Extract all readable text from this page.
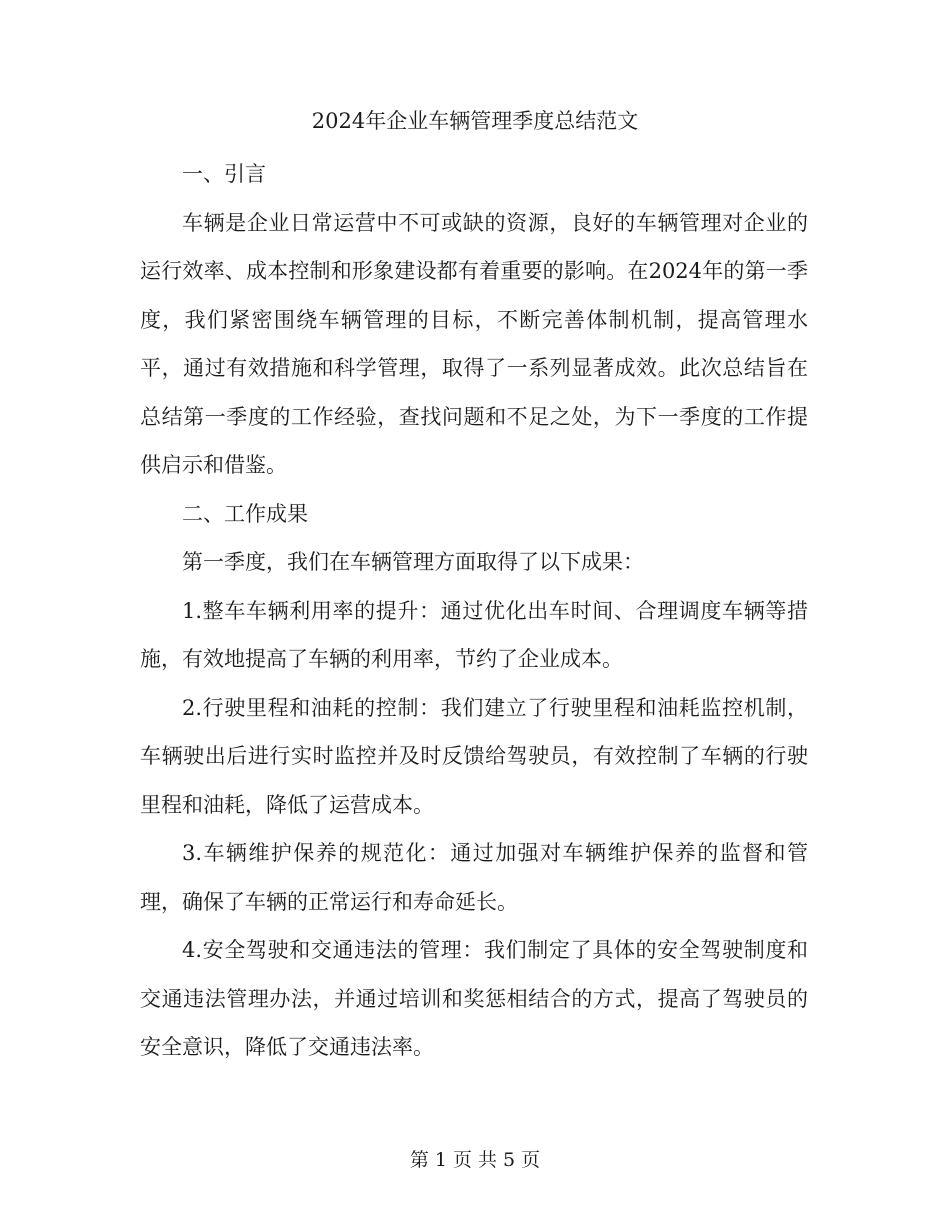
2024年企业车辆管理季度总结范文

一、引言

车辆是企业日常运营中不可或缺的资源，良好的车辆管理对企业的运行效率、成本控制和形象建设都有着重要的影响。在2024年的第一季度，我们紧密围绕车辆管理的目标，不断完善体制机制，提高管理水平，通过有效措施和科学管理，取得了一系列显著成效。此次总结旨在总结第一季度的工作经验，查找问题和不足之处，为下一季度的工作提供启示和借鉴。

二、工作成果

第一季度，我们在车辆管理方面取得了以下成果：

1.整车车辆利用率的提升：通过优化出车时间、合理调度车辆等措施，有效地提高了车辆的利用率，节约了企业成本。

2.行驶里程和油耗的控制：我们建立了行驶里程和油耗监控机制，车辆驶出后进行实时监控并及时反馈给驾驶员，有效控制了车辆的行驶里程和油耗，降低了运营成本。

3.车辆维护保养的规范化：通过加强对车辆维护保养的监督和管理，确保了车辆的正常运行和寿命延长。

4.安全驾驶和交通违法的管理：我们制定了具体的安全驾驶制度和交通违法管理办法，并通过培训和奖惩相结合的方式，提高了驾驶员的安全意识，降低了交通违法率。

第 1 页 共 5 页
